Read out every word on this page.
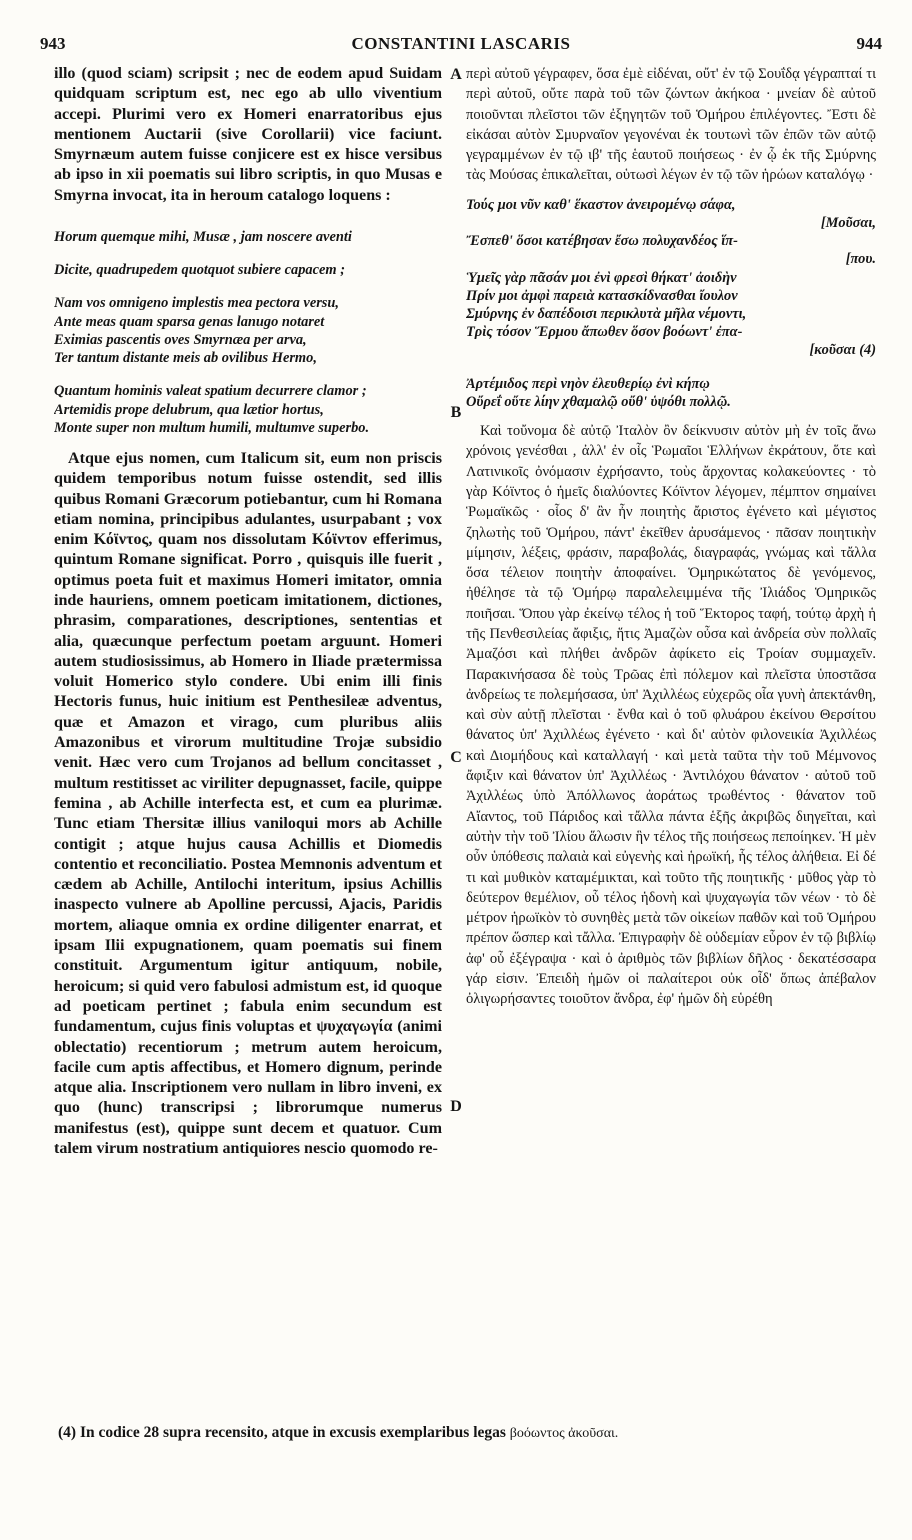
943	CONSTANTINI LASCARIS	944
A
B
C
D

illo (quod sciam) scripsit ; nec de eodem apud Suidam quidquam scriptum est, nec ego ab ullo viventium accepi. Plurimi vero ex Homeri enarratoribus ejus mentionem Auctarii (sive Corollarii) vice faciunt. Smyrnæum autem fuisse conjicere est ex hisce versibus ab ipso in xii poematis sui libro scriptis, in quo Musas e Smyrna invocat, ita in heroum catalogo loquens :

Horum quemque mihi, Musæ , jam noscere aventi
Dicite, quadrupedem quotquot subiere capacem ;
Nam vos omnigeno implestis mea pectora versu,
Ante meas quam sparsa genas lanugo notaret
Eximias pascentis oves Smyrnæa per arva,
Ter tantum distante meis ab ovilibus Hermo,
Quantum hominis valeat spatium decurrere clamor ;
Artemidis prope delubrum, qua lætior hortus,
Monte super non multum humili, multumve superbo.

Atque ejus nomen, cum Italicum sit, eum non priscis quidem temporibus notum fuisse ostendit, sed illis quibus Romani Græcorum potiebantur, cum hi Romana etiam nomina, principibus adulantes, usurpabant ; vox enim Κόϊντος, quam nos dissolutam Κόϊντον efferimus, quintum Romane significat. Porro , quisquis ille fuerit , optimus poeta fuit et maximus Homeri imitator, omnia inde hauriens, omnem poeticam imitationem, dictiones, phrasim, comparationes, descriptiones, sententias et alia, quæcunque perfectum poetam arguunt. Homeri autem studiosissimus, ab Homero in Iliade prætermissa voluit Homerico stylo condere. Ubi enim illi finis Hectoris funus, huic initium est Penthesileæ adventus, quæ et Amazon et virago, cum pluribus aliis Amazonibus et virorum multitudine Trojæ subsidio venit. Hæc vero cum Trojanos ad bellum concitasset , multum restitisset ac viriliter depugnasset, facile, quippe femina , ab Achille interfecta est, et cum ea plurimæ. Tunc etiam Thersitæ illius vaniloqui mors ab Achille contigit ; atque hujus causa Achillis et Diomedis contentio et reconciliatio. Postea Memnonis adventum et cædem ab Achille, Antilochi interitum, ipsius Achillis inaspecto vulnere ab Apolline percussi, Ajacis, Paridis mortem, aliaque omnia ex ordine diligenter enarrat, et ipsam Ilii expugnationem, quam poematis sui finem constituit. Argumentum igitur antiquum, nobile, heroicum; si quid vero fabulosi admistum est, id quoque ad poeticam pertinet ; fabula enim secundum est fundamentum, cujus finis voluptas et ψυχαγωγία (animi oblectatio) recentiorum ; metrum autem heroicum, facile cum aptis affectibus, et Homero dignum, perinde atque alia. Inscriptionem vero nullam in libro inveni, ex quo (hunc) transcripsi ; librorumque numerus manifestus (est), quippe sunt decem et quatuor. Cum talem virum nostratium antiquiores nescio quomodo re-

περὶ αὐτοῦ γέγραφεν, ὅσα ἐμὲ εἰδέναι, οὔτ' ἐν τῷ Σουΐδᾳ γέγραπταί τι περὶ αὐτοῦ, οὔτε παρὰ τοῦ τῶν ζώντων ἀκήκοα · μνείαν δὲ αὐτοῦ ποιοῦνται πλεῖστοι τῶν ἐξηγητῶν τοῦ Ὁμήρου ἐπιλέγοντες. Ἔστι δὲ εἰκάσαι αὐτὸν Σμυρναῖον γεγονέναι ἐκ τουτωνὶ τῶν ἐπῶν τῶν αὐτῷ γεγραμμένων ἐν τῷ ιβ' τῆς ἑαυτοῦ ποιήσεως · ἐν ᾧ ἐκ τῆς Σμύρνης τὰς Μούσας ἐπικαλεῖται, οὑτωσὶ λέγων ἐν τῷ τῶν ἡρώων καταλόγῳ ·

Τούς μοι νῦν καθ' ἕκαστον ἀνειρομένῳ σάφα,
[Μοῦσαι,
Ἔσπεθ' ὅσοι κατέβησαν ἔσω πολυχανδέος ἵπ-
[που.
Ὑμεῖς γὰρ πᾶσάν μοι ἐνὶ φρεσὶ θήκατ' ἀοιδὴν
Πρίν μοι ἀμφὶ παρειὰ κατασκίδνασθαι ἴουλον
Σμύρνης ἐν δαπέδοισι περικλυτὰ μῆλα νέμοντι,
Τρὶς τόσον Ἕρμου ἄπωθεν ὅσον βοόωντ' ἐπα-
[κοῦσαι (4)
Ἀρτέμιδος περὶ νηὸν ἐλευθερίῳ ἐνὶ κήπῳ
Οὔρεΐ οὔτε λίην χθαμαλῷ οὔθ' ὑψόθι πολλῷ.

Καὶ τοὔνομα δὲ αὐτῷ Ἰταλὸν ὂν δείκνυσιν αὐτὸν μὴ ἐν τοῖς ἄνω χρόνοις γενέσθαι , ἀλλ' ἐν οἷς Ῥωμαῖοι Ἑλλήνων ἐκράτουν, ὅτε καὶ Λατινικοῖς ὀνόμασιν ἐχρήσαντο, τοὺς ἄρχοντας κολακεύοντες · τὸ γὰρ Κόϊντος ὁ ἡμεῖς διαλύοντες Κόϊντον λέγομεν, πέμπτον σημαίνει Ῥωμαϊκῶς · οἷος δ' ἂν ἦν ποιητὴς ἄριστος ἐγένετο καὶ μέγιστος ζηλωτὴς τοῦ Ὁμήρου, πάντ' ἐκεῖθεν ἀρυσάμενος · πᾶσαν ποιητικὴν μίμησιν, λέξεις, φράσιν, παραβολάς, διαγραφάς, γνώμας καὶ τἄλλα ὅσα τέλειον ποιητὴν ἀποφαίνει. Ὁμηρικώτατος δὲ γενόμενος, ἠθέλησε τὰ τῷ Ὁμήρῳ παραλελειμμένα τῆς Ἰλιάδος Ὁμηρικῶς ποιῆσαι. Ὅπου γὰρ ἐκείνῳ τέλος ἡ τοῦ Ἕκτορος ταφή, τούτῳ ἀρχὴ ἡ τῆς Πενθεσιλείας ἄφιξις, ἥτις Ἀμαζὼν οὖσα καὶ ἀνδρεία σὺν πολλαῖς Ἀμαζόσι καὶ πλήθει ἀνδρῶν ἀφίκετο εἰς Τροίαν συμμαχεῖν. Παρακινήσασα δὲ τοὺς Τρῶας ἐπὶ πόλεμον καὶ πλεῖστα ὑποστᾶσα ἀνδρείως τε πολεμήσασα, ὑπ' Ἀχιλλέως εὐχερῶς οἷα γυνὴ ἀπεκτάνθη, καὶ σὺν αὐτῇ πλεῖσται · ἔνθα καὶ ὁ τοῦ φλυάρου ἐκείνου Θερσίτου θάνατος ὑπ' Ἀχιλλέως ἐγένετο · καὶ δι' αὐτὸν φιλονεικία Ἀχιλλέως καὶ Διομήδους καὶ καταλλαγή · καὶ μετὰ ταῦτα τὴν τοῦ Μέμνονος ἄφιξιν καὶ θάνατον ὑπ' Ἀχιλλέως · Ἀντιλόχου θάνατον · αὐτοῦ τοῦ Ἀχιλλέως ὑπὸ Ἀπόλλωνος ἀοράτως τρωθέντος · θάνατον τοῦ Αἴαντος, τοῦ Πάριδος καὶ τἄλλα πάντα ἑξῆς ἀκριβῶς διηγεῖται, καὶ αὐτὴν τὴν τοῦ Ἰλίου ἅλωσιν ἣν τέλος τῆς ποιήσεως πεποίηκεν. Ἡ μὲν οὖν ὑπόθεσις παλαιὰ καὶ εὐγενὴς καὶ ἡρωϊκή, ἧς τέλος ἀλήθεια. Εἰ δέ τι καὶ μυθικὸν καταμέμικται, καὶ τοῦτο τῆς ποιητικῆς · μῦθος γὰρ τὸ δεύτερον θεμέλιον, οὗ τέλος ἡδονὴ καὶ ψυχαγωγία τῶν νέων · τὸ δὲ μέτρον ἡρωϊκὸν τὸ συνηθὲς μετὰ τῶν οἰκείων παθῶν καὶ τοῦ Ὁμήρου πρέπον ὥσπερ καὶ τἄλλα. Ἐπιγραφὴν δὲ οὐδεμίαν εὗρον ἐν τῷ βιβλίῳ ἀφ' οὗ ἐξέγραψα · καὶ ὁ ἀριθμὸς τῶν βιβλίων δῆλος · δεκατέσσαρα γάρ εἰσιν. Ἐπειδὴ ἡμῶν οἱ παλαίτεροι οὐκ οἶδ' ὅπως ἀπέβαλον ὀλιγωρήσαντες τοιοῦτον ἄνδρα, ἐφ' ἡμῶν δὴ εὑρέθη

(4) In codice 28 supra recensito, atque in excusis exemplaribus legas βοόωντος ἀκοῦσαι.
